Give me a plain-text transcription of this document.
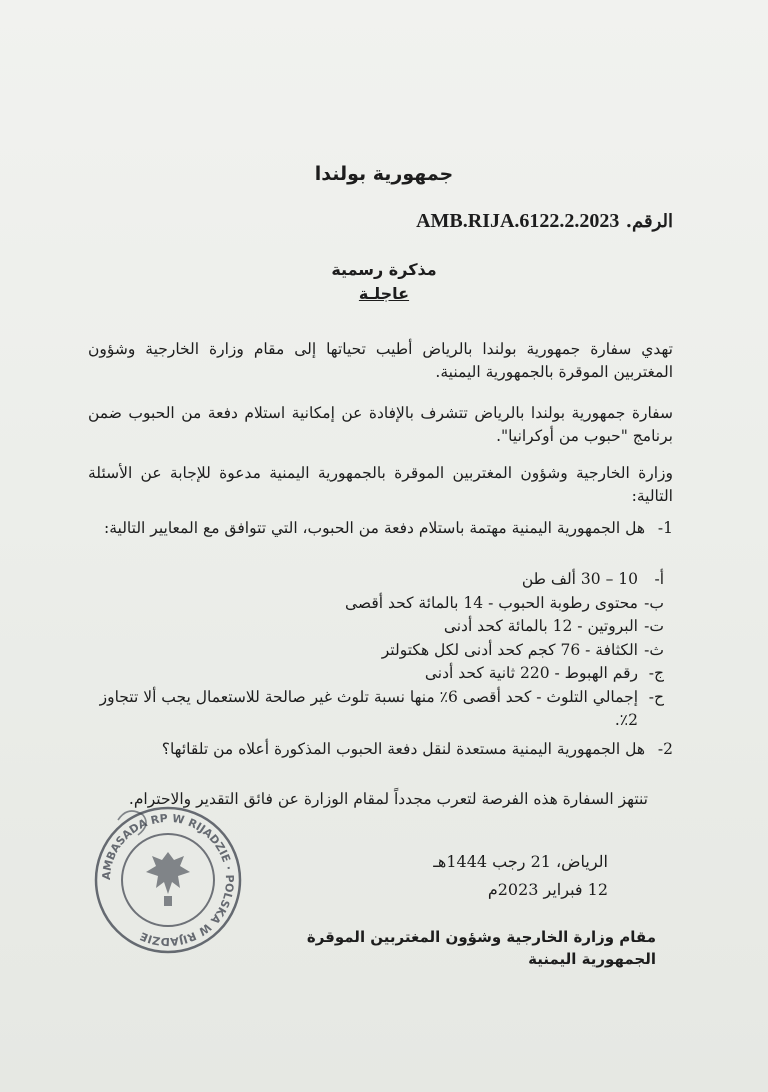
جمهورية بولندا
الرقم. AMB.RIJA.6122.2.2023
مذكرة رسمية
عاجلـة
تهدي سفارة جمهورية بولندا بالرياض أطيب تحياتها إلى مقام وزارة الخارجية وشؤون المغتربين الموقرة بالجمهورية اليمنية.
سفارة جمهورية بولندا بالرياض تتشرف بالإفادة عن إمكانية استلام دفعة من الحبوب ضمن برنامج "حبوب من أوكرانيا".
وزارة الخارجية وشؤون المغتربين الموقرة بالجمهورية اليمنية مدعوة للإجابة عن الأسئلة التالية:
1-
هل الجمهورية اليمنية مهتمة باستلام دفعة من الحبوب، التي تتوافق مع المعايير التالية:
أ-
10 – 30 ألف طن
ب-
محتوى رطوبة الحبوب - 14 بالمائة كحد أقصى
ت-
البروتين - 12 بالمائة كحد أدنى
ث-
الكثافة - 76 كجم كحد أدنى لكل هكتولتر
ج-
رقم الهبوط - 220 ثانية كحد أدنى
ح-
إجمالي التلوث - كحد أقصى 6٪ منها نسبة تلوث غير صالحة للاستعمال يجب ألا تتجاوز 2٪.
2-
هل الجمهورية اليمنية مستعدة لنقل دفعة الحبوب المذكورة أعلاه من تلقائها؟
تنتهز السفارة هذه الفرصة لتعرب مجدداً لمقام الوزارة عن فائق التقدير والاحترام.
الرياض، 21 رجب 1444هـ
12 فبراير 2023م
مقام وزارة الخارجية وشؤون المغتربين الموقرة
الجمهورية اليمنية
AMBASADA RP W RIJADZIE · POLSKA W RIJADZIE
